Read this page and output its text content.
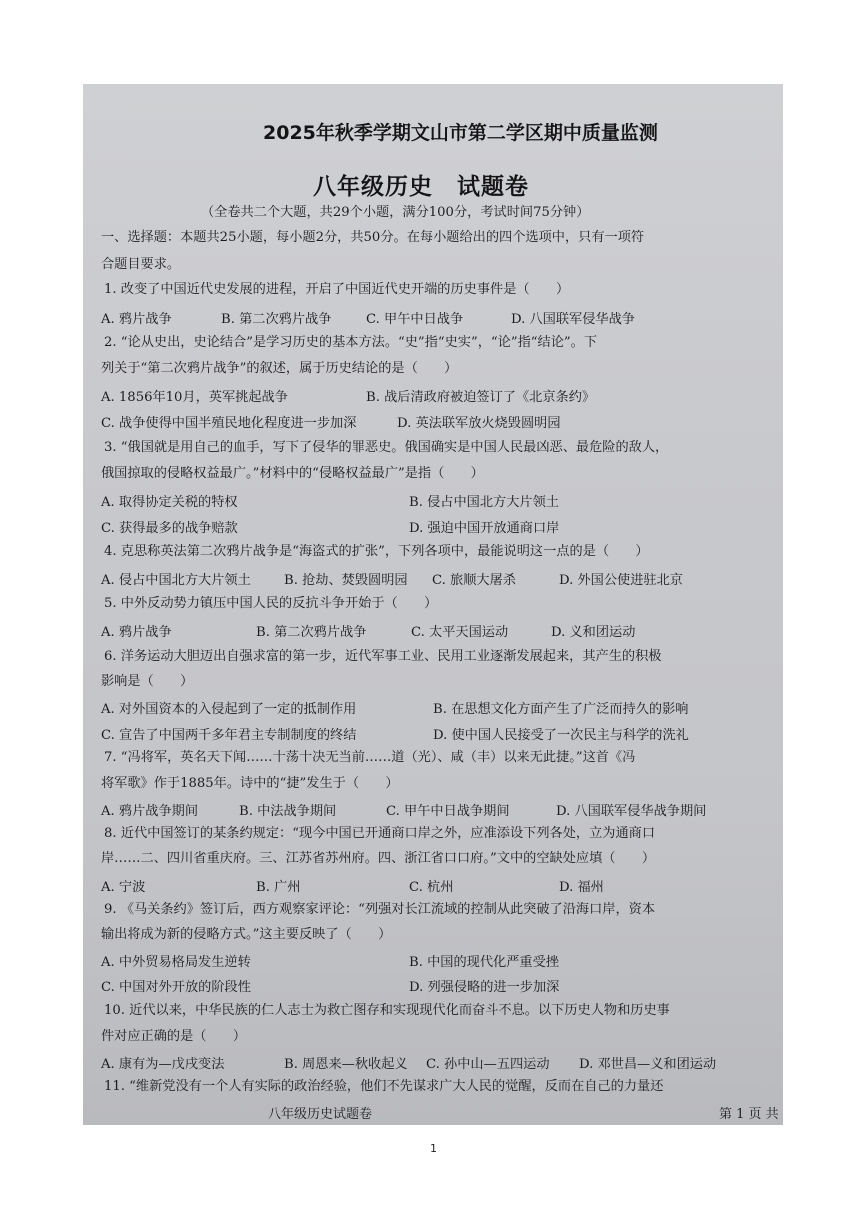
2025年秋季学期文山市第二学区期中质量监测
八年级历史　试题卷
（全卷共二个大题，共29个小题，满分100分，考试时间75分钟）
一、选择题：本题共25小题，每小题2分，共50分。在每小题给出的四个选项中，只有一项符
合题目要求。
1. 改变了中国近代史发展的进程，开启了中国近代史开端的历史事件是（　　）
A. 鸦片战争	B. 第二次鸦片战争	C. 甲午中日战争	D. 八国联军侵华战争
2. “论从史出，史论结合”是学习历史的基本方法。“史”指“史实”，“论”指“结论”。下
列关于“第二次鸦片战争”的叙述，属于历史结论的是（　　）
A. 1856年10月，英军挑起战争	B. 战后清政府被迫签订了《北京条约》
C. 战争使得中国半殖民地化程度进一步加深	D. 英法联军放火烧毁圆明园
3. “俄国就是用自己的血手，写下了侵华的罪恶史。俄国确实是中国人民最凶恶、最危险的敌人，
俄国掠取的侵略权益最广。”材料中的“侵略权益最广”是指（　　）
A. 取得协定关税的特权	B. 侵占中国北方大片领土
C. 获得最多的战争赔款	D. 强迫中国开放通商口岸
4. 克思称英法第二次鸦片战争是“海盗式的扩张”，下列各项中，最能说明这一点的是（　　）
A. 侵占中国北方大片领土	B. 抢劫、焚毁圆明园 C. 旅顺大屠杀	D. 外国公使进驻北京
5. 中外反动势力镇压中国人民的反抗斗争开始于（　　）
A. 鸦片战争	B. 第二次鸦片战争	C. 太平天国运动	D. 义和团运动
6. 洋务运动大胆迈出自强求富的第一步，近代军事工业、民用工业逐渐发展起来，其产生的积极
影响是（　　）
A. 对外国资本的入侵起到了一定的抵制作用	B. 在思想文化方面产生了广泛而持久的影响
C. 宣告了中国两千多年君主专制制度的终结	D. 使中国人民接受了一次民主与科学的洗礼
7. “冯将军，英名天下闻……十荡十决无当前……道（光）、咸（丰）以来无此捷。”这首《冯
将军歌》作于1885年。诗中的“捷”发生于（　　）
A. 鸦片战争期间	B. 中法战争期间	C. 甲午中日战争期间	D. 八国联军侵华战争期间
8. 近代中国签订的某条约规定：“现今中国已开通商口岸之外，应准添设下列各处，立为通商口
岸……二、四川省重庆府。三、江苏省苏州府。四、浙江省口口府。”文中的空缺处应填（　　）
A. 宁波	B. 广州	C. 杭州	D. 福州
9. 《马关条约》签订后，西方观察家评论：“列强对长江流域的控制从此突破了沿海口岸，资本
输出将成为新的侵略方式。”这主要反映了（　　）
A. 中外贸易格局发生逆转	B. 中国的现代化严重受挫
C. 中国对外开放的阶段性	D. 列强侵略的进一步加深
10. 近代以来，中华民族的仁人志士为救亡图存和实现现代化而奋斗不息。以下历史人物和历史事
件对应正确的是（　　）
A. 康有为—戊戌变法	B. 周恩来—秋收起义 C. 孙中山—五四运动 D. 邓世昌—义和团运动
11. “维新党没有一个人有实际的政治经验，他们不先谋求广大人民的觉醒，反而在自己的力量还
八年级历史试题卷	第 1 页 共
1
